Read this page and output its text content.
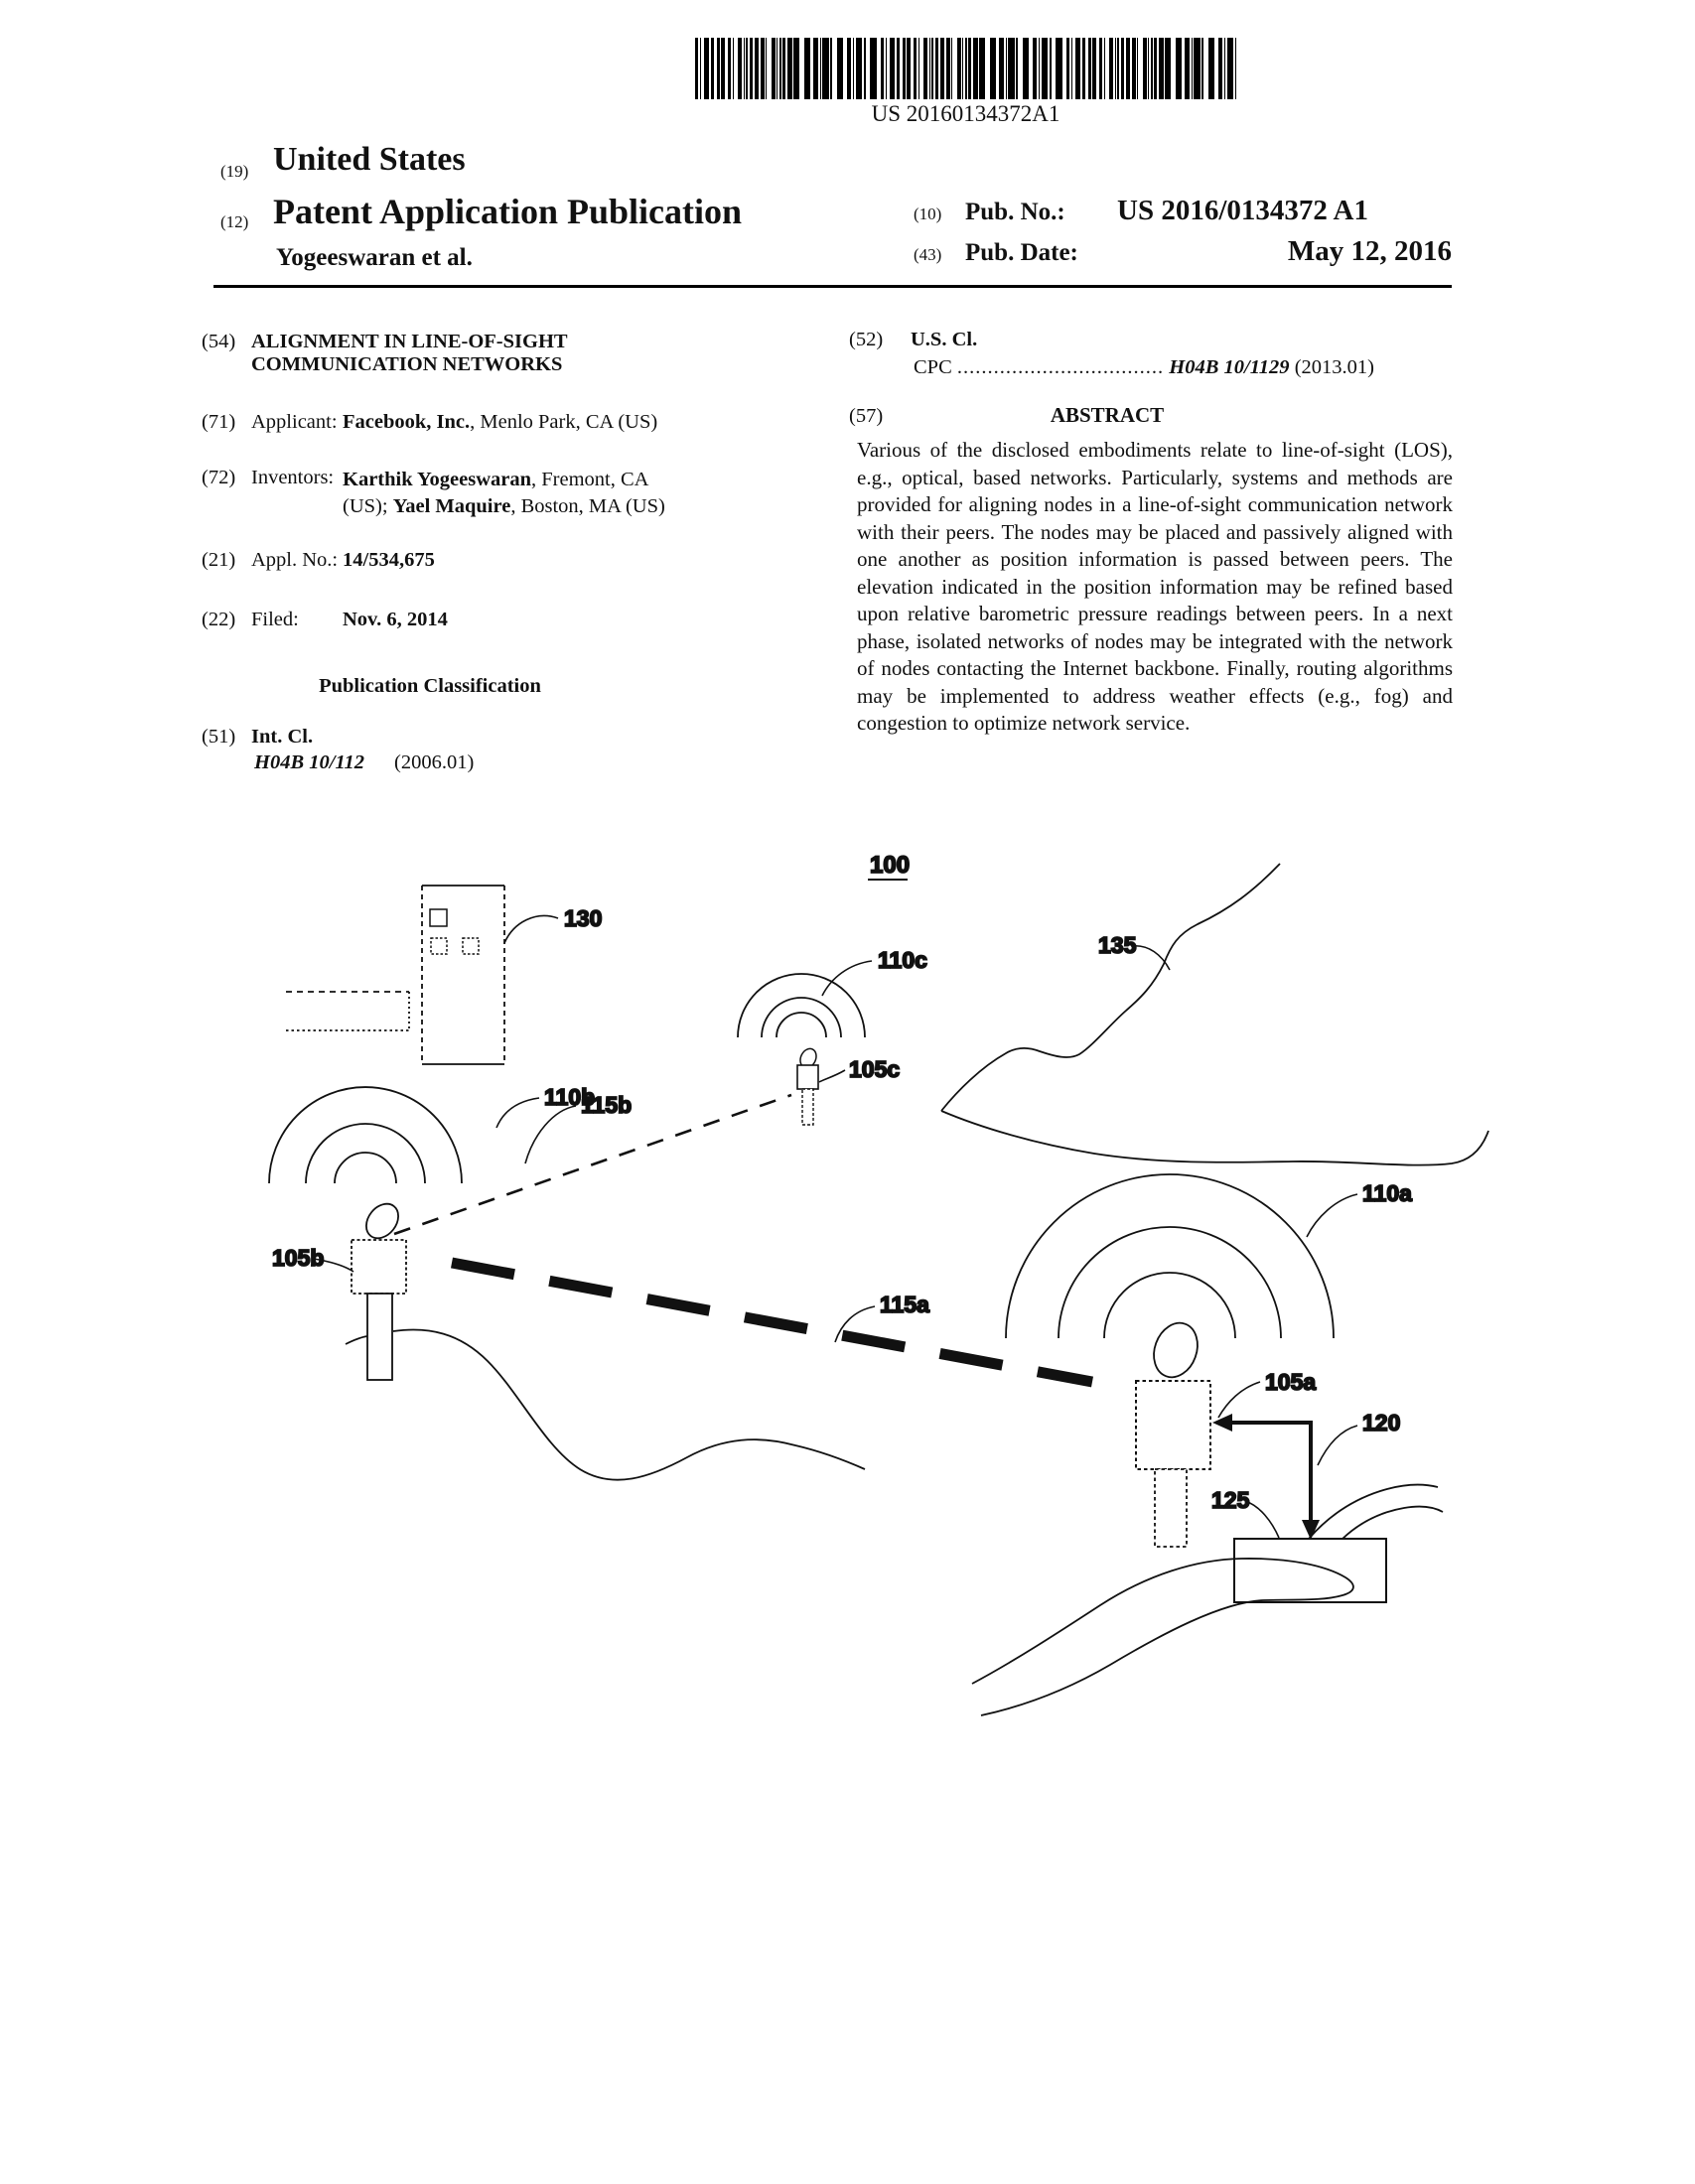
US 20160134372A1
(19) United States
(12) Patent Application Publication
Yogeeswaran et al.
(10) Pub. No.: US 2016/0134372 A1
(43) Pub. Date:	May 12, 2016
(54) ALIGNMENT IN LINE-OF-SIGHT
COMMUNICATION NETWORKS
(71) Applicant: Facebook, Inc., Menlo Park, CA (US)
(72) Inventors: Karthik Yogeeswaran, Fremont, CA
(US); Yael Maquire, Boston, MA (US)
(21) Appl. No.: 14/534,675
(22) Filed: Nov. 6, 2014
Publication Classification
(51) Int. Cl.
H04B 10/112 (2006.01)
(52) U.S. Cl.
CPC .................................. H04B 10/1129 (2013.01)
(57)	ABSTRACT
Various of the disclosed embodiments relate to line-of-sight (LOS), e.g., optical, based networks. Particularly, systems and methods are provided for aligning nodes in a line-of-sight communication network with their peers. The nodes may be placed and passively aligned with one another as position information is passed between peers. The elevation indicated in the position information may be refined based upon relative barometric pressure readings between peers. In a next phase, isolated networks of nodes may be integrated with the network of nodes contacting the Internet backbone. Finally, routing algorithms may be implemented to address weather effects (e.g., fog) and congestion to optimize network service.
100
130
110b
105b
115b
110c
105c
135
110a
115a
105a
120
125
